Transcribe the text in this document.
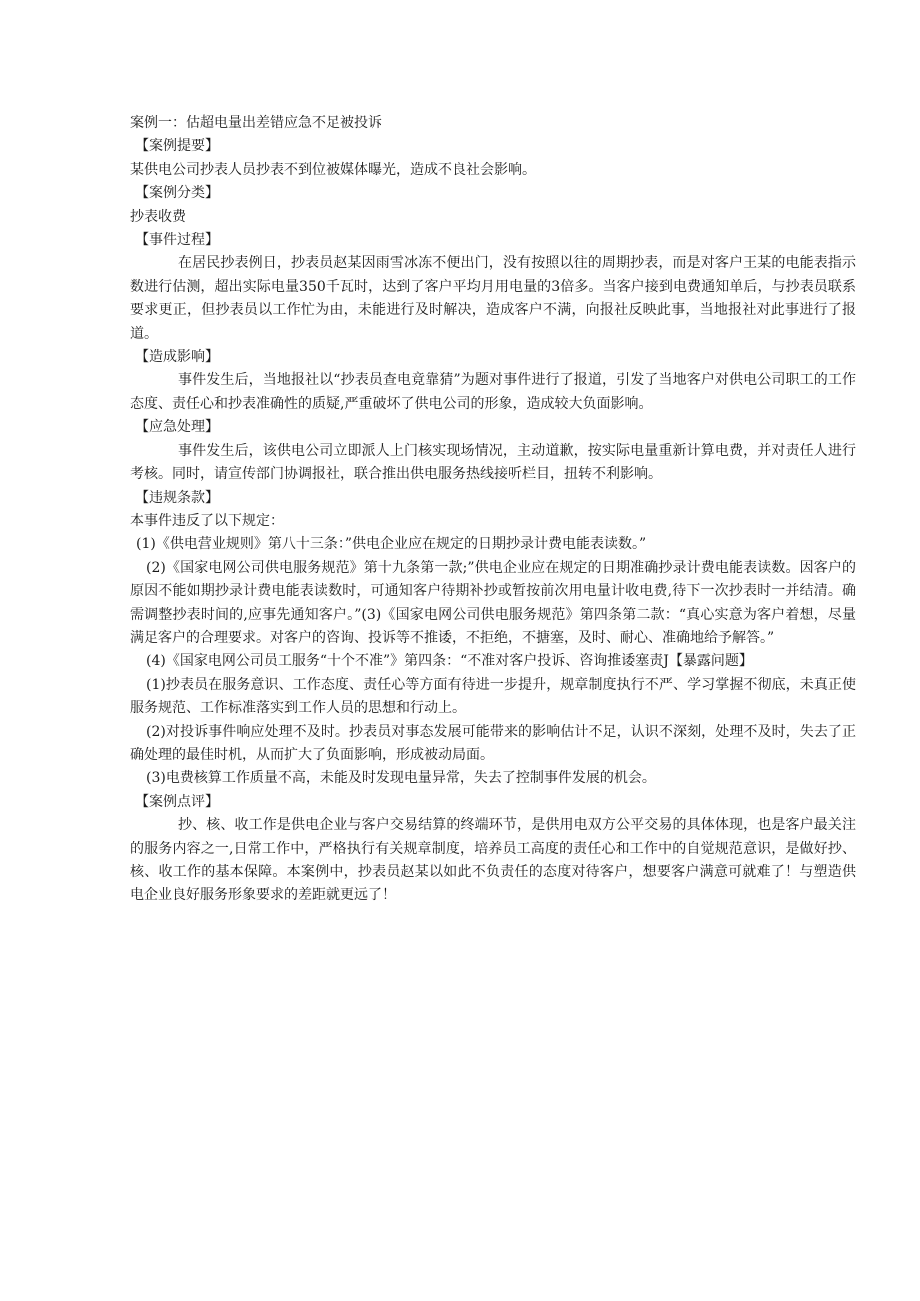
案例一：估超电量出差错应急不足被投诉

【案例提要】

某供电公司抄表人员抄表不到位被媒体曝光，造成不良社会影响。

【案例分类】

抄表收费

【事件过程】

在居民抄表例日，抄表员赵某因雨雪冰冻不便出门，没有按照以往的周期抄表，而是对客户王某的电能表指示数进行估测，超出实际电量350千瓦时，达到了客户平均月用电量的3倍多。当客户接到电费通知单后，与抄表员联系要求更正，但抄表员以工作忙为由，未能进行及时解决，造成客户不满，向报社反映此事，当地报社对此事进行了报道。

【造成影响】

事件发生后，当地报社以“抄表员查电竟靠猜”为题对事件进行了报道，引发了当地客户对供电公司职工的工作态度、责任心和抄表准确性的质疑,严重破坏了供电公司的形象，造成较大负面影响。

【应急处理】

事件发生后，该供电公司立即派人上门核实现场情况，主动道歉，按实际电量重新计算电费，并对责任人进行考核。同时，请宣传部门协调报社，联合推出供电服务热线接听栏目，扭转不利影响。

【违规条款】

本事件违反了以下规定：

(1)《供电营业规则》第八十三条：”供电企业应在规定的日期抄录计费电能表读数。”

(2)《国家电网公司供电服务规范》第十九条第一款;”供电企业应在规定的日期准确抄录计费电能表读数。因客户的原因不能如期抄录计费电能表读数时，可通知客户待期补抄或暂按前次用电量计收电费,待下一次抄表时一并结清。确需调整抄表时间的,应事先通知客户。”(3)《国家电网公司供电服务规范》第四条第二款：“真心实意为客户着想，尽量满足客户的合理要求。对客户的咨询、投诉等不推诿，不拒绝，不搪塞，及时、耐心、准确地给予解答。”

(4)《国家电网公司员工服务“十个不准”》第四条：“不准对客户投诉、咨询推诿塞责J【暴露问题】

(1)抄表员在服务意识、工作态度、责任心等方面有待进一步提升，规章制度执行不严、学习掌握不彻底，未真正使服务规范、工作标准落实到工作人员的思想和行动上。

(2)对投诉事件响应处理不及时。抄表员对事态发展可能带来的影响估计不足，认识不深刻，处理不及时，失去了正确处理的最佳时机，从而扩大了负面影响，形成被动局面。

(3)电费核算工作质量不高，未能及时发现电量异常，失去了控制事件发展的机会。

【案例点评】

抄、核、收工作是供电企业与客户交易结算的终端环节，是供用电双方公平交易的具体体现，也是客户最关注的服务内容之一,日常工作中，严格执行有关规章制度，培养员工高度的责任心和工作中的自觉规范意识，是做好抄、核、收工作的基本保障。本案例中，抄表员赵某以如此不负责任的态度对待客户，想要客户满意可就难了！与塑造供电企业良好服务形象要求的差距就更远了！
